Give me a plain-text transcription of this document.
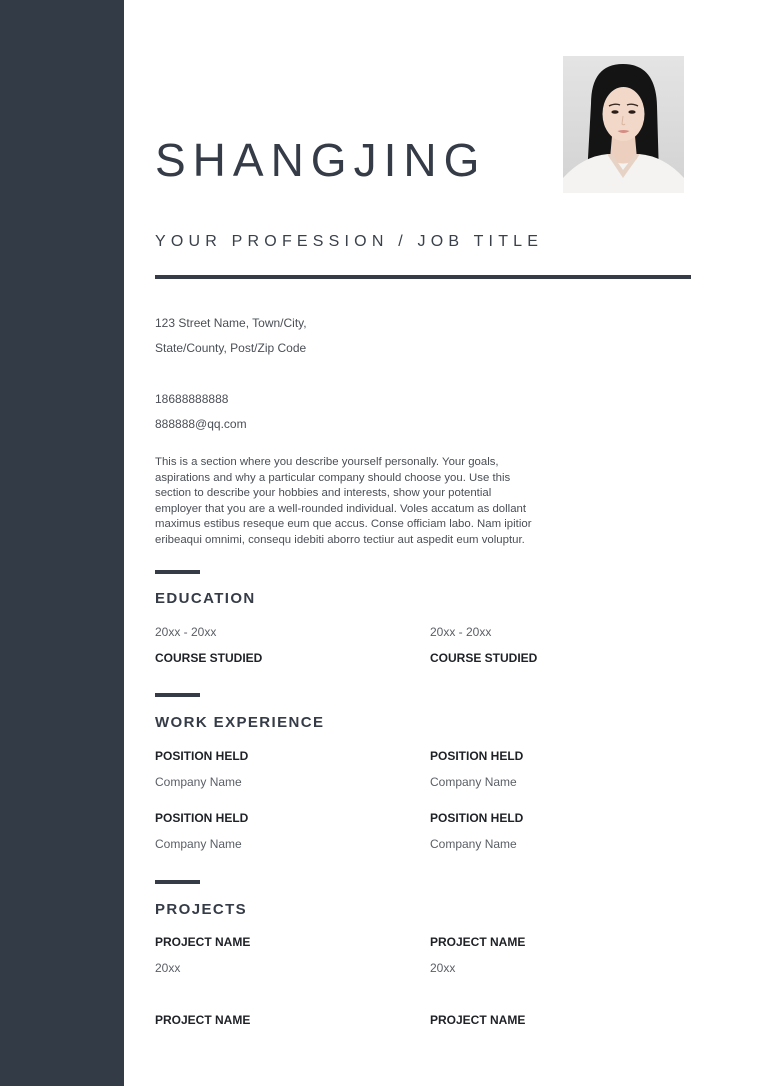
SHANGJING
YOUR PROFESSION / JOB TITLE
123 Street Name, Town/City,
State/County, Post/Zip Code
18688888888
888888@qq.com
This is a section where you describe yourself personally. Your goals, aspirations and why a particular company should choose you. Use this section to describe your hobbies and interests, show your potential employer that you are a well-rounded individual. Voles accatum as dollant maximus estibus reseque eum que accus. Conse officiam labo. Nam ipitior eribeaqui omnimi, consequ idebiti aborro tectiur aut aspedit eum voluptur.
EDUCATION
20xx - 20xx
COURSE STUDIED
20xx - 20xx
COURSE STUDIED
WORK EXPERIENCE
POSITION HELD
Company Name
POSITION HELD
Company Name
POSITION HELD
Company Name
POSITION HELD
Company Name
PROJECTS
PROJECT NAME
20xx
PROJECT NAME
20xx
PROJECT NAME	PROJECT NAME
